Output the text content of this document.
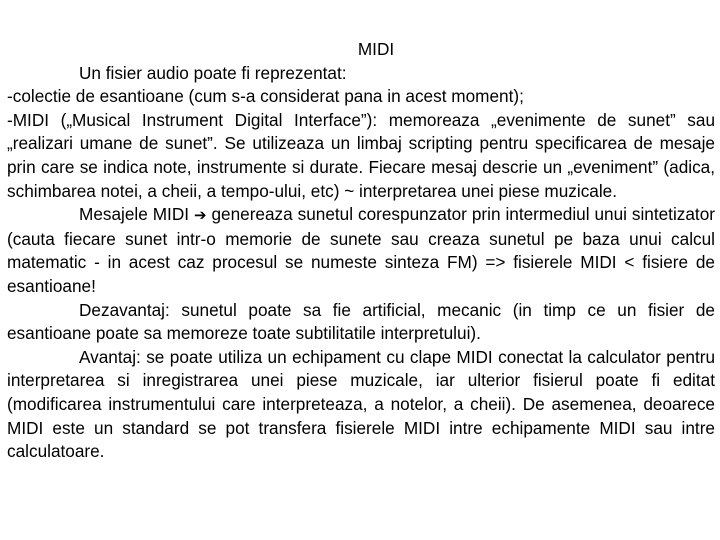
MIDI

Un fisier audio poate fi reprezentat:

-colectie de esantioane (cum s-a considerat pana in acest moment);

-MIDI („Musical Instrument Digital Interface”): memoreaza „evenimente de sunet” sau „realizari umane de sunet”. Se utilizeaza un limbaj scripting pentru specificarea de mesaje prin care se indica note, instrumente si durate. Fiecare mesaj descrie un „eveniment” (adica, schimbarea notei, a cheii, a tempo-ului, etc) ~ interpretarea unei piese muzicale.

Mesajele MIDI ➔ genereaza sunetul corespunzator prin intermediul unui sintetizator (cauta fiecare sunet intr-o memorie de sunete sau creaza sunetul pe baza unui calcul matematic - in acest caz procesul se numeste sinteza FM) => fisierele MIDI < fisiere de esantioane!

Dezavantaj: sunetul poate sa fie artificial, mecanic (in timp ce un fisier de esantioane poate sa memoreze toate subtilitatile interpretului).

Avantaj: se poate utiliza un echipament cu clape MIDI conectat la calculator pentru interpretarea si inregistrarea unei piese muzicale, iar ulterior fisierul poate fi editat (modificarea instrumentului care interpreteaza, a notelor, a cheii). De asemenea, deoarece MIDI este un standard se pot transfera fisierele MIDI intre echipamente MIDI sau intre calculatoare.
